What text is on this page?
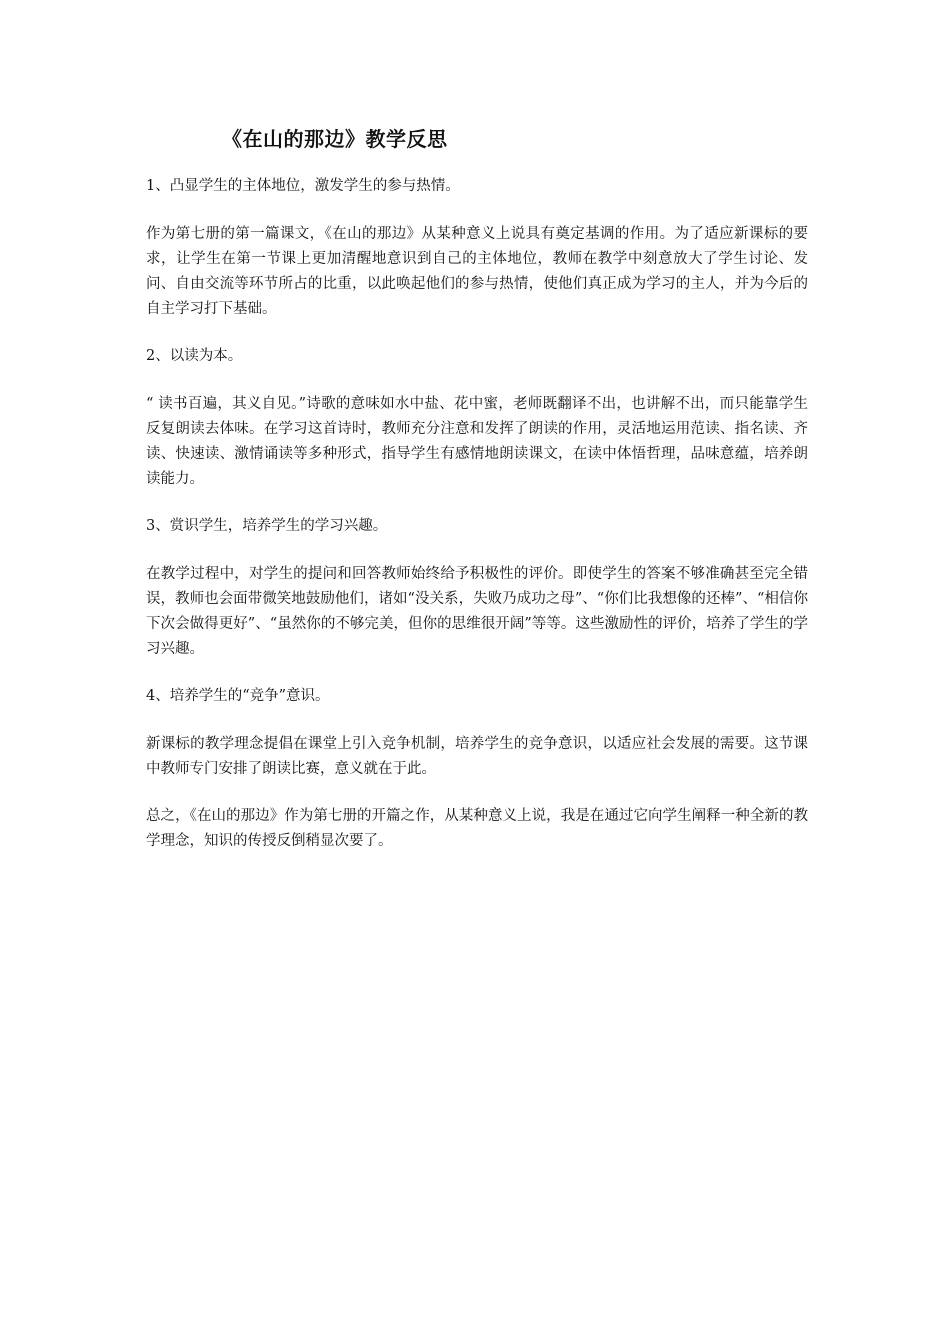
《在山的那边》教学反思

1、凸显学生的主体地位，激发学生的参与热情。

作为第七册的第一篇课文，《在山的那边》从某种意义上说具有奠定基调的作用。为了适应新课标的要求，让学生在第一节课上更加清醒地意识到自己的主体地位，教师在教学中刻意放大了学生讨论、发问、自由交流等环节所占的比重，以此唤起他们的参与热情，使他们真正成为学习的主人，并为今后的自主学习打下基础。

2、以读为本。

“ 读书百遍，其义自见。”诗歌的意味如水中盐、花中蜜，老师既翻译不出，也讲解不出，而只能靠学生反复朗读去体味。在学习这首诗时，教师充分注意和发挥了朗读的作用，灵活地运用范读、指名读、齐读、快速读、激情诵读等多种形式，指导学生有感情地朗读课文，在读中体悟哲理，品味意蕴，培养朗读能力。

3、赏识学生，培养学生的学习兴趣。

在教学过程中，对学生的提问和回答教师始终给予积极性的评价。即使学生的答案不够准确甚至完全错误，教师也会面带微笑地鼓励他们，诸如“没关系，失败乃成功之母”、“你们比我想像的还棒”、“相信你下次会做得更好”、“虽然你的不够完美，但你的思维很开阔”等等。这些激励性的评价，培养了学生的学习兴趣。

4、培养学生的“竞争”意识。

新课标的教学理念提倡在课堂上引入竞争机制，培养学生的竞争意识，以适应社会发展的需要。这节课中教师专门安排了朗读比赛，意义就在于此。

总之，《在山的那边》作为第七册的开篇之作，从某种意义上说，我是在通过它向学生阐释一种全新的教学理念，知识的传授反倒稍显次要了。
